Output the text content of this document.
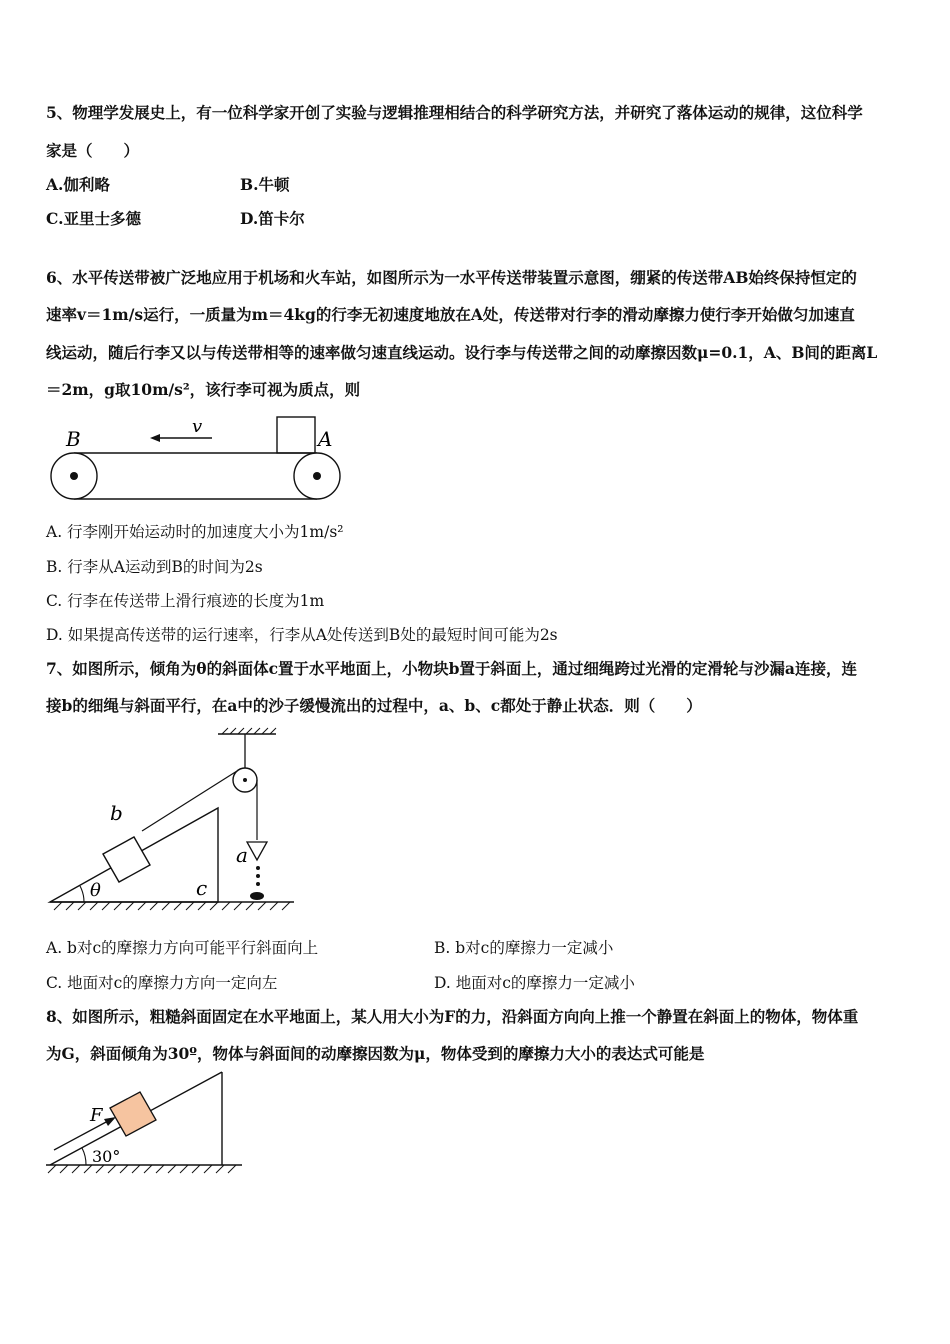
5、物理学发展史上，有一位科学家开创了实验与逻辑推理相结合的科学研究方法，并研究了落体运动的规律，这位科学
家是（　　）
A.伽利略	B.牛顿
C.亚里士多德	D.笛卡尔
6、水平传送带被广泛地应用于机场和火车站，如图所示为一水平传送带装置示意图，绷紧的传送带AB始终保持恒定的
速率v＝1m/s运行，一质量为m＝4kg的行李无初速度地放在A处，传送带对行李的滑动摩擦力使行李开始做匀加速直
线运动，随后行李又以与传送带相等的速率做匀速直线运动。设行李与传送带之间的动摩擦因数μ=0.1，A、B间的距离L
＝2m，g取10m/s²，该行李可视为质点，则
B	A
v
A. 行李刚开始运动时的加速度大小为1m/s²
B. 行李从A运动到B的时间为2s
C. 行李在传送带上滑行痕迹的长度为1m
D. 如果提高传送带的运行速率，行李从A处传送到B处的最短时间可能为2s
7、如图所示，倾角为θ的斜面体c置于水平地面上，小物块b置于斜面上，通过细绳跨过光滑的定滑轮与沙漏a连接，连
接b的细绳与斜面平行，在a中的沙子缓慢流出的过程中，a、b、c都处于静止状态．则（　　）
b
a
c
θ
A. b对c的摩擦力方向可能平行斜面向上	B. b对c的摩擦力一定减小
C. 地面对c的摩擦力方向一定向左	D. 地面对c的摩擦力一定减小
8、如图所示，粗糙斜面固定在水平地面上，某人用大小为F的力，沿斜面方向向上推一个静置在斜面上的物体，物体重
为G，斜面倾角为30º，物体与斜面间的动摩擦因数为μ，物体受到的摩擦力大小的表达式可能是
F
30°
